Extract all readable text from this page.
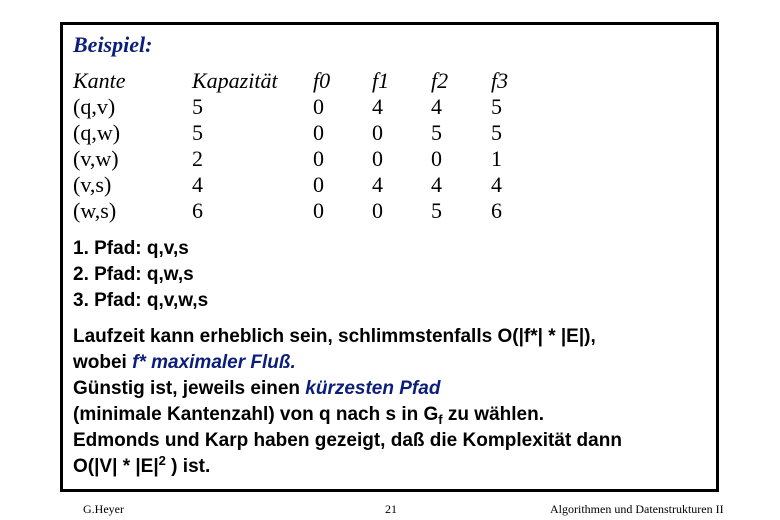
Beispiel:
Kante
(q,v)
(q,w)
(v,w)
(v,s)
(w,s)
Kapazität
5
5
2
4
6
f0
0
0
0
0
0
f1
4
0
0
4
0
f2
4
5
0
4
5
f3
5
5
1
4
6
1. Pfad: q,v,s
2. Pfad: q,w,s
3. Pfad: q,v,w,s
Laufzeit kann erheblich sein, schlimmstenfalls O(|f*| * |E|),
wobei f* maximaler Fluß.
Günstig ist, jeweils einen kürzesten Pfad
(minimale Kantenzahl) von q nach s in $G_f$ zu wählen.
Edmonds und Karp haben gezeigt, daß die Komplexität dann
$O(|V| * |E|^2$ ) ist.
G.Heyer	21	Algorithmen und Datenstrukturen II
